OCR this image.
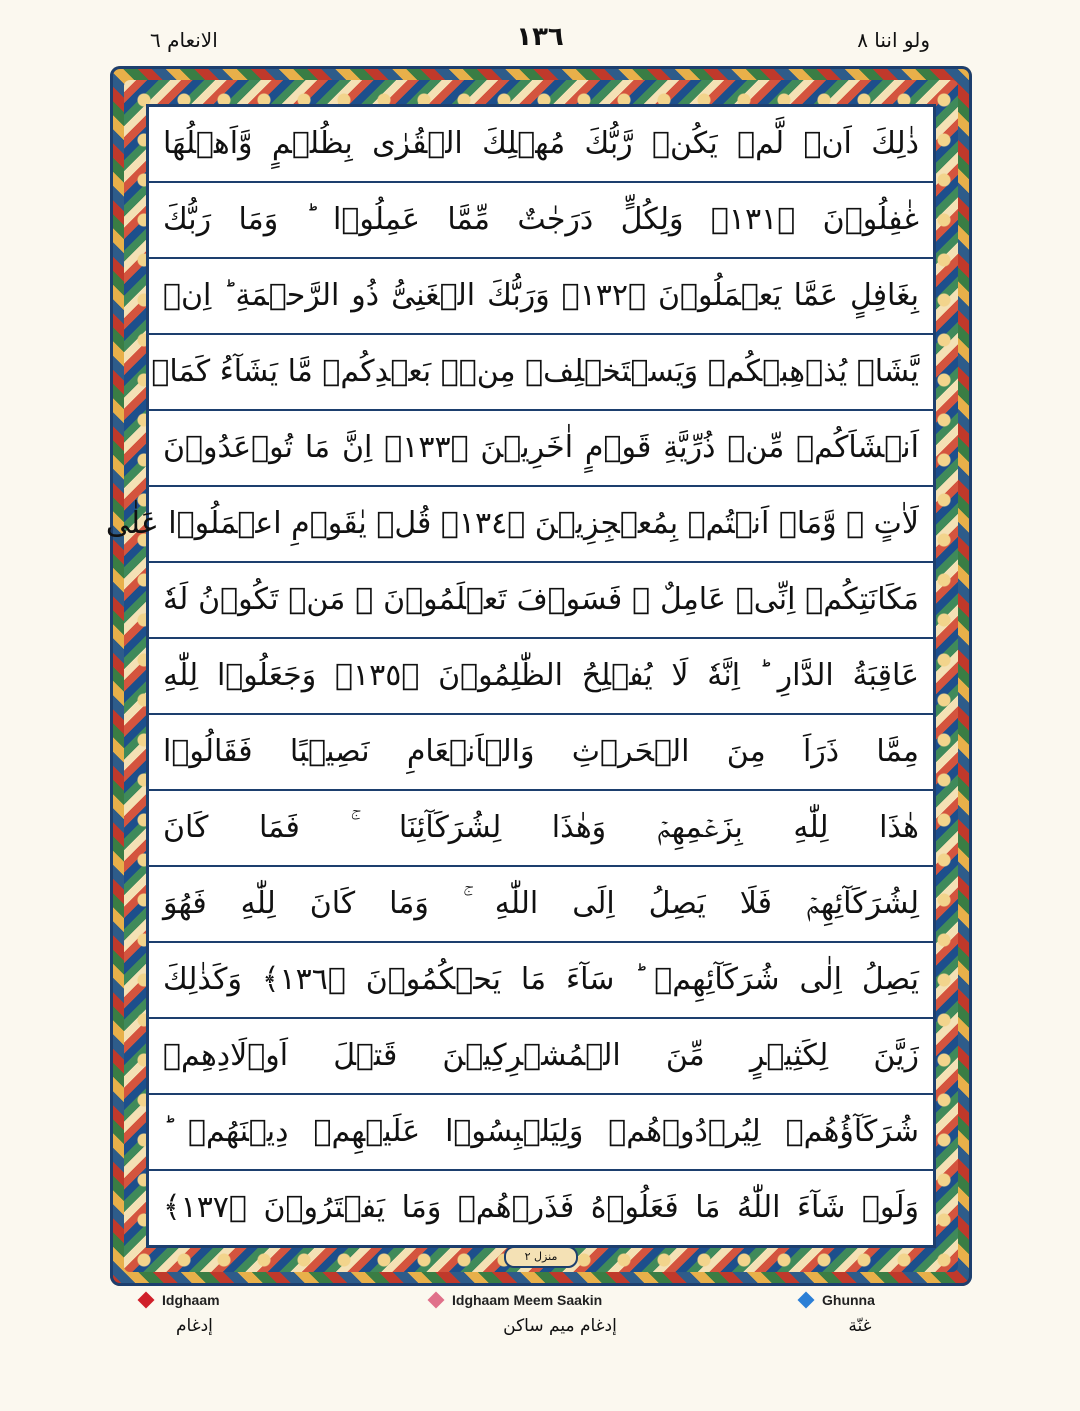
ولو اننا ٨
١٣٦
الانعام ٦
ذٰلِكَ اَنۡ لَّمۡ يَكُنۡ رَّبُّكَ مُهۡلِكَ الۡقُرٰى بِظُلۡمٍ وَّاَهۡلُهَا
غٰفِلُوۡنَ ﴿١٣١﴾ وَلِكُلٍّ دَرَجٰتٌ مِّمَّا عَمِلُوۡا ؕ وَمَا رَبُّكَ
بِغَافِلٍ عَمَّا يَعۡمَلُوۡنَ ﴿١٣٢﴾ وَرَبُّكَ الۡغَنِىُّ ذُو الرَّحۡمَةِ ؕ اِنۡ
يَّشَاۡ يُذۡهِبۡكُمۡ وَيَسۡتَخۡلِفۡ مِنۡۢ بَعۡدِكُمۡ مَّا يَشَآءُ كَمَاۤ
اَنۡشَاَكُمۡ مِّنۡ ذُرِّيَّةِ قَوۡمٍ اٰخَرِيۡنَ ﴿١٣٣﴾ اِنَّ مَا تُوۡعَدُوۡنَ
لَاٰتٍ ۙ وَّمَاۤ اَنۡتُمۡ بِمُعۡجِزِيۡنَ ﴿١٣٤﴾ قُلۡ يٰقَوۡمِ اعۡمَلُوۡا عَلٰى
مَكَانَتِكُمۡ اِنِّىۡ عَامِلٌ ۚ فَسَوۡفَ تَعۡلَمُوۡنَ ۙ مَنۡ تَكُوۡنُ لَهٗ
عَاقِبَةُ الدَّارِ ؕ اِنَّهٗ لَا يُفۡلِحُ الظّٰلِمُوۡنَ ﴿١٣٥﴾ وَجَعَلُوۡا لِلّٰهِ
مِمَّا ذَرَاَ مِنَ الۡحَرۡثِ وَالۡاَنۡعَامِ نَصِيۡبًا فَقَالُوۡا
هٰذَا لِلّٰهِ بِزَعۡمِهِمۡ وَهٰذَا لِشُرَكَآئِنَا ۚ فَمَا كَانَ
لِشُرَكَآئِهِمۡ فَلَا يَصِلُ اِلَى اللّٰهِ ۚ وَمَا كَانَ لِلّٰهِ فَهُوَ
يَصِلُ اِلٰى شُرَكَآئِهِمۡ ؕ سَآءَ مَا يَحۡكُمُوۡنَ ﴿١٣٦﴾ وَكَذٰلِكَ
زَيَّنَ لِكَثِيۡرٍ مِّنَ الۡمُشۡرِكِيۡنَ قَتۡلَ اَوۡلَادِهِمۡ
شُرَكَآؤُهُمۡ لِيُرۡدُوۡهُمۡ وَلِيَلۡبِسُوۡا عَلَيۡهِمۡ دِيۡنَهُمۡ ؕ
وَلَوۡ شَآءَ اللّٰهُ مَا فَعَلُوۡهُ فَذَرۡهُمۡ وَمَا يَفۡتَرُوۡنَ ﴿١٣٧﴾
منزل ٢
Idghaam
إدغام
Idghaam Meem Saakin
إدغام ميم ساكن
Ghunna
غنّة
